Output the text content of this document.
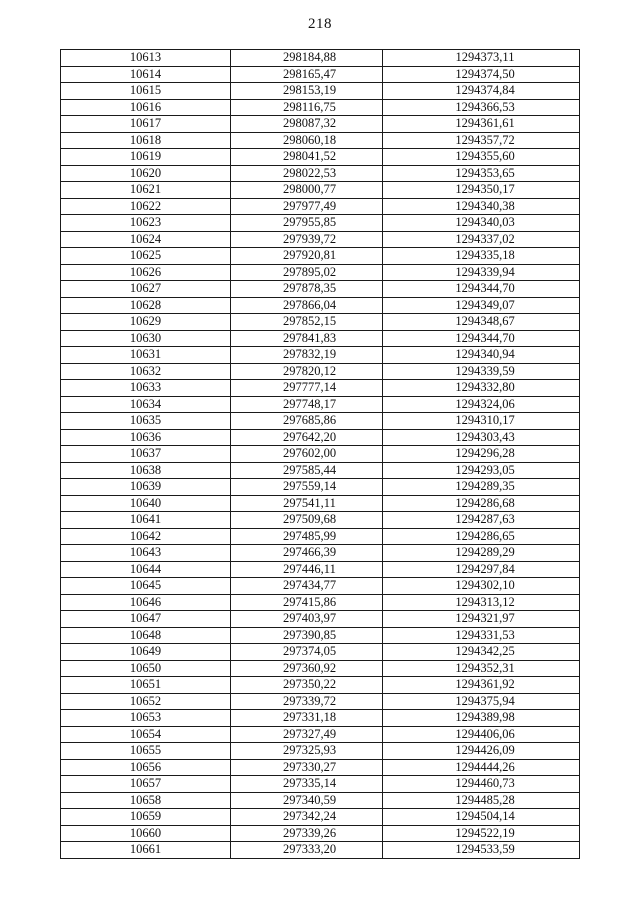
218
10613	298184,88	1294373,11
10614	298165,47	1294374,50
10615	298153,19	1294374,84
10616	298116,75	1294366,53
10617	298087,32	1294361,61
10618	298060,18	1294357,72
10619	298041,52	1294355,60
10620	298022,53	1294353,65
10621	298000,77	1294350,17
10622	297977,49	1294340,38
10623	297955,85	1294340,03
10624	297939,72	1294337,02
10625	297920,81	1294335,18
10626	297895,02	1294339,94
10627	297878,35	1294344,70
10628	297866,04	1294349,07
10629	297852,15	1294348,67
10630	297841,83	1294344,70
10631	297832,19	1294340,94
10632	297820,12	1294339,59
10633	297777,14	1294332,80
10634	297748,17	1294324,06
10635	297685,86	1294310,17
10636	297642,20	1294303,43
10637	297602,00	1294296,28
10638	297585,44	1294293,05
10639	297559,14	1294289,35
10640	297541,11	1294286,68
10641	297509,68	1294287,63
10642	297485,99	1294286,65
10643	297466,39	1294289,29
10644	297446,11	1294297,84
10645	297434,77	1294302,10
10646	297415,86	1294313,12
10647	297403,97	1294321,97
10648	297390,85	1294331,53
10649	297374,05	1294342,25
10650	297360,92	1294352,31
10651	297350,22	1294361,92
10652	297339,72	1294375,94
10653	297331,18	1294389,98
10654	297327,49	1294406,06
10655	297325,93	1294426,09
10656	297330,27	1294444,26
10657	297335,14	1294460,73
10658	297340,59	1294485,28
10659	297342,24	1294504,14
10660	297339,26	1294522,19
10661	297333,20	1294533,59
